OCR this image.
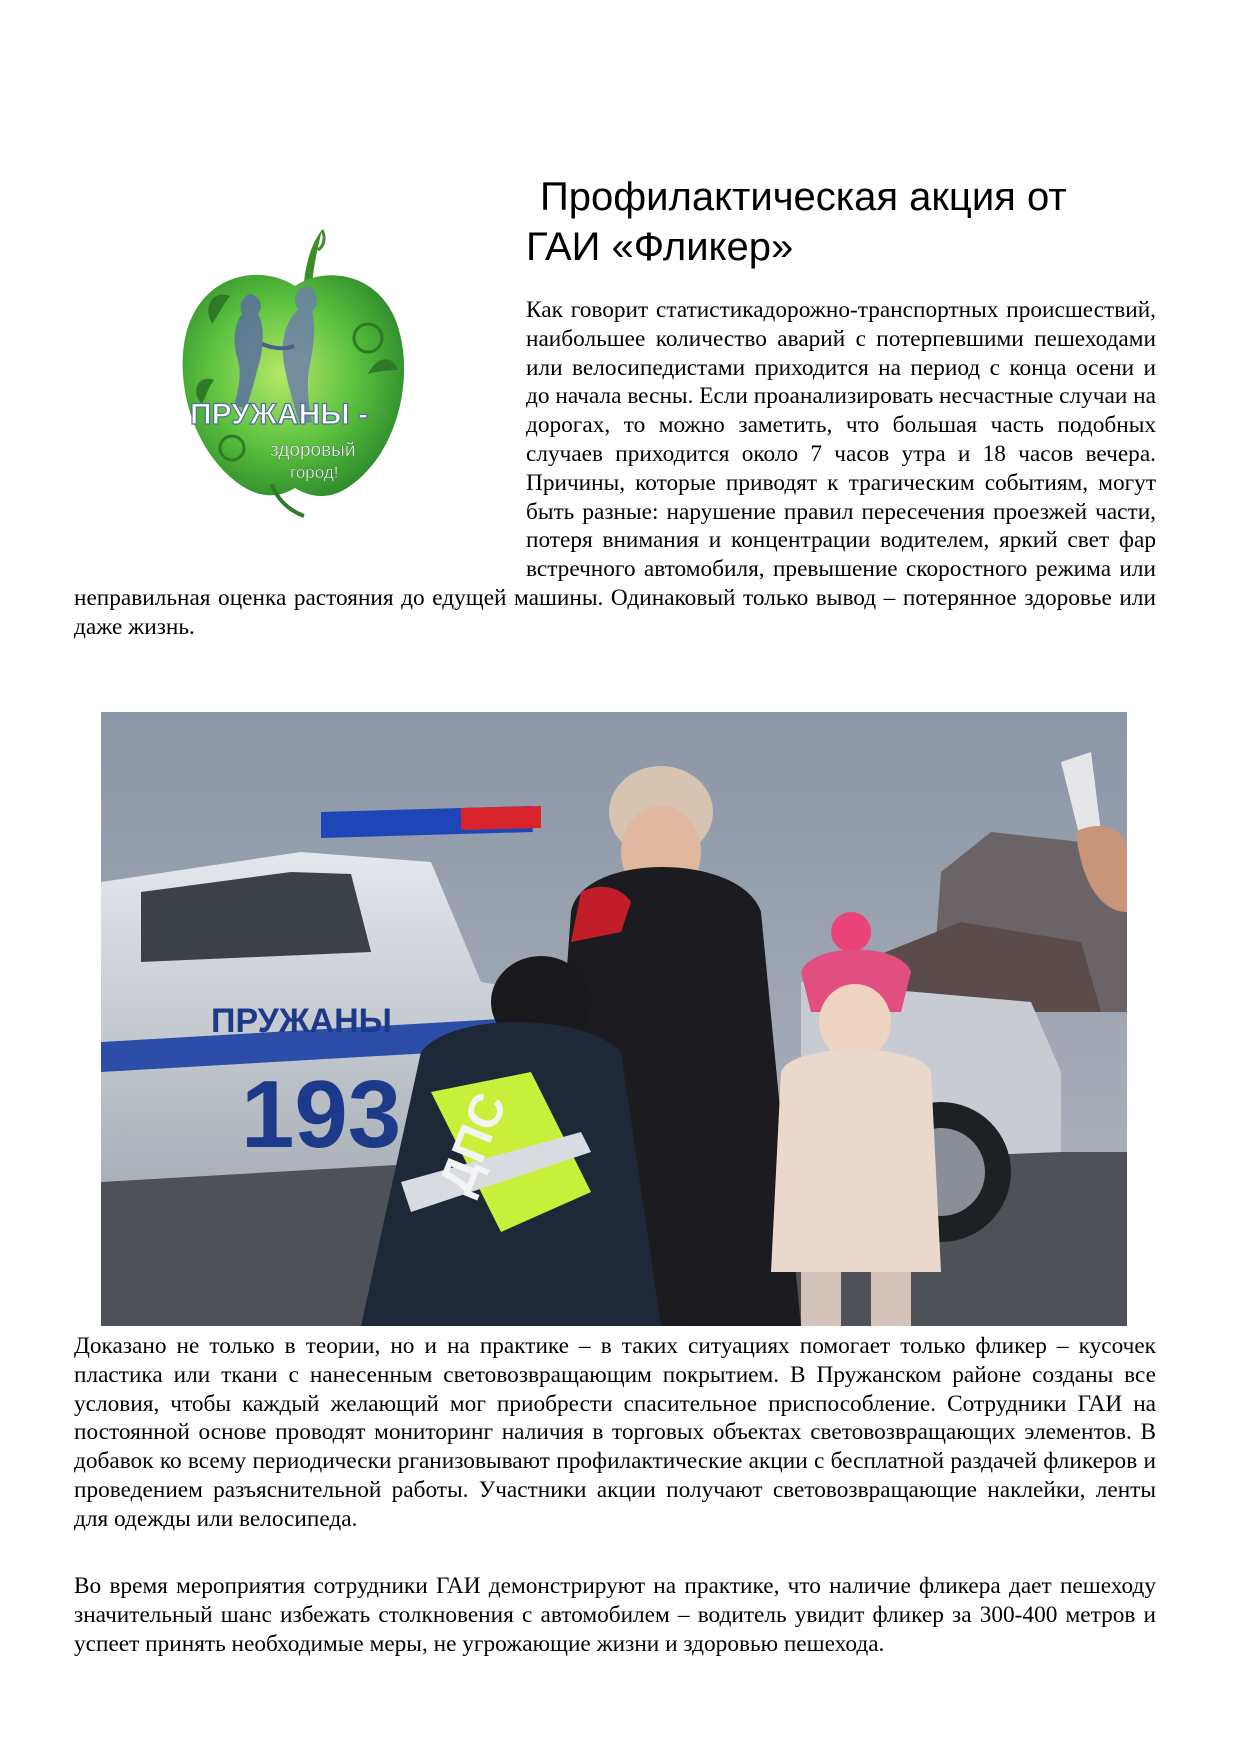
Профилактическая акция от
ГАИ «Фликер»
ПРУЖАНЫ -
здоровый
город!

Как говорит статистикадорожно-транспортных происшествий, наибольшее количество аварий с потерпевшими пешеходами или велосипедистами приходится на период с конца осени и до начала весны. Если проанализировать несчастные случаи на дорогах, то можно заметить, что большая часть подобных случаев приходится около 7 часов утра и 18 часов вечера. Причины, которые приводят к трагическим событиям, могут быть разные: нарушение правил пересечения проезжей части, потеря внимания и концентрации водителем, яркий свет фар встречного автомобиля, превышение скоростного режима или неправильная оценка растояния до едущей машины. Одинаковый только вывод – потерянное здоровье или даже жизнь.

ПРУЖАНЫ
193 ДПС

Доказано не только в теории, но и на практике – в таких ситуациях помогает только фликер – кусочек пластика или ткани с нанесенным световозвращающим покрытием. В Пружанском районе созданы все условия, чтобы каждый желающий мог приобрести спасительное приспособление. Сотрудники ГАИ на постоянной основе проводят мониторинг наличия в торговых объектах световозвращающих элементов. В добавок ко всему периодически рганизовывают профилактические акции с бесплатной раздачей фликеров и проведением разъяснительной работы. Участники акции получают световозвращающие наклейки, ленты для одежды или велосипеда.

Во время мероприятия сотрудники ГАИ демонстрируют на практике, что наличие фликера дает пешеходу значительный шанс избежать столкновения с автомобилем – водитель увидит фликер за 300-400 метров и успеет принять необходимые меры, не угрожающие жизни и здоровью пешехода.
